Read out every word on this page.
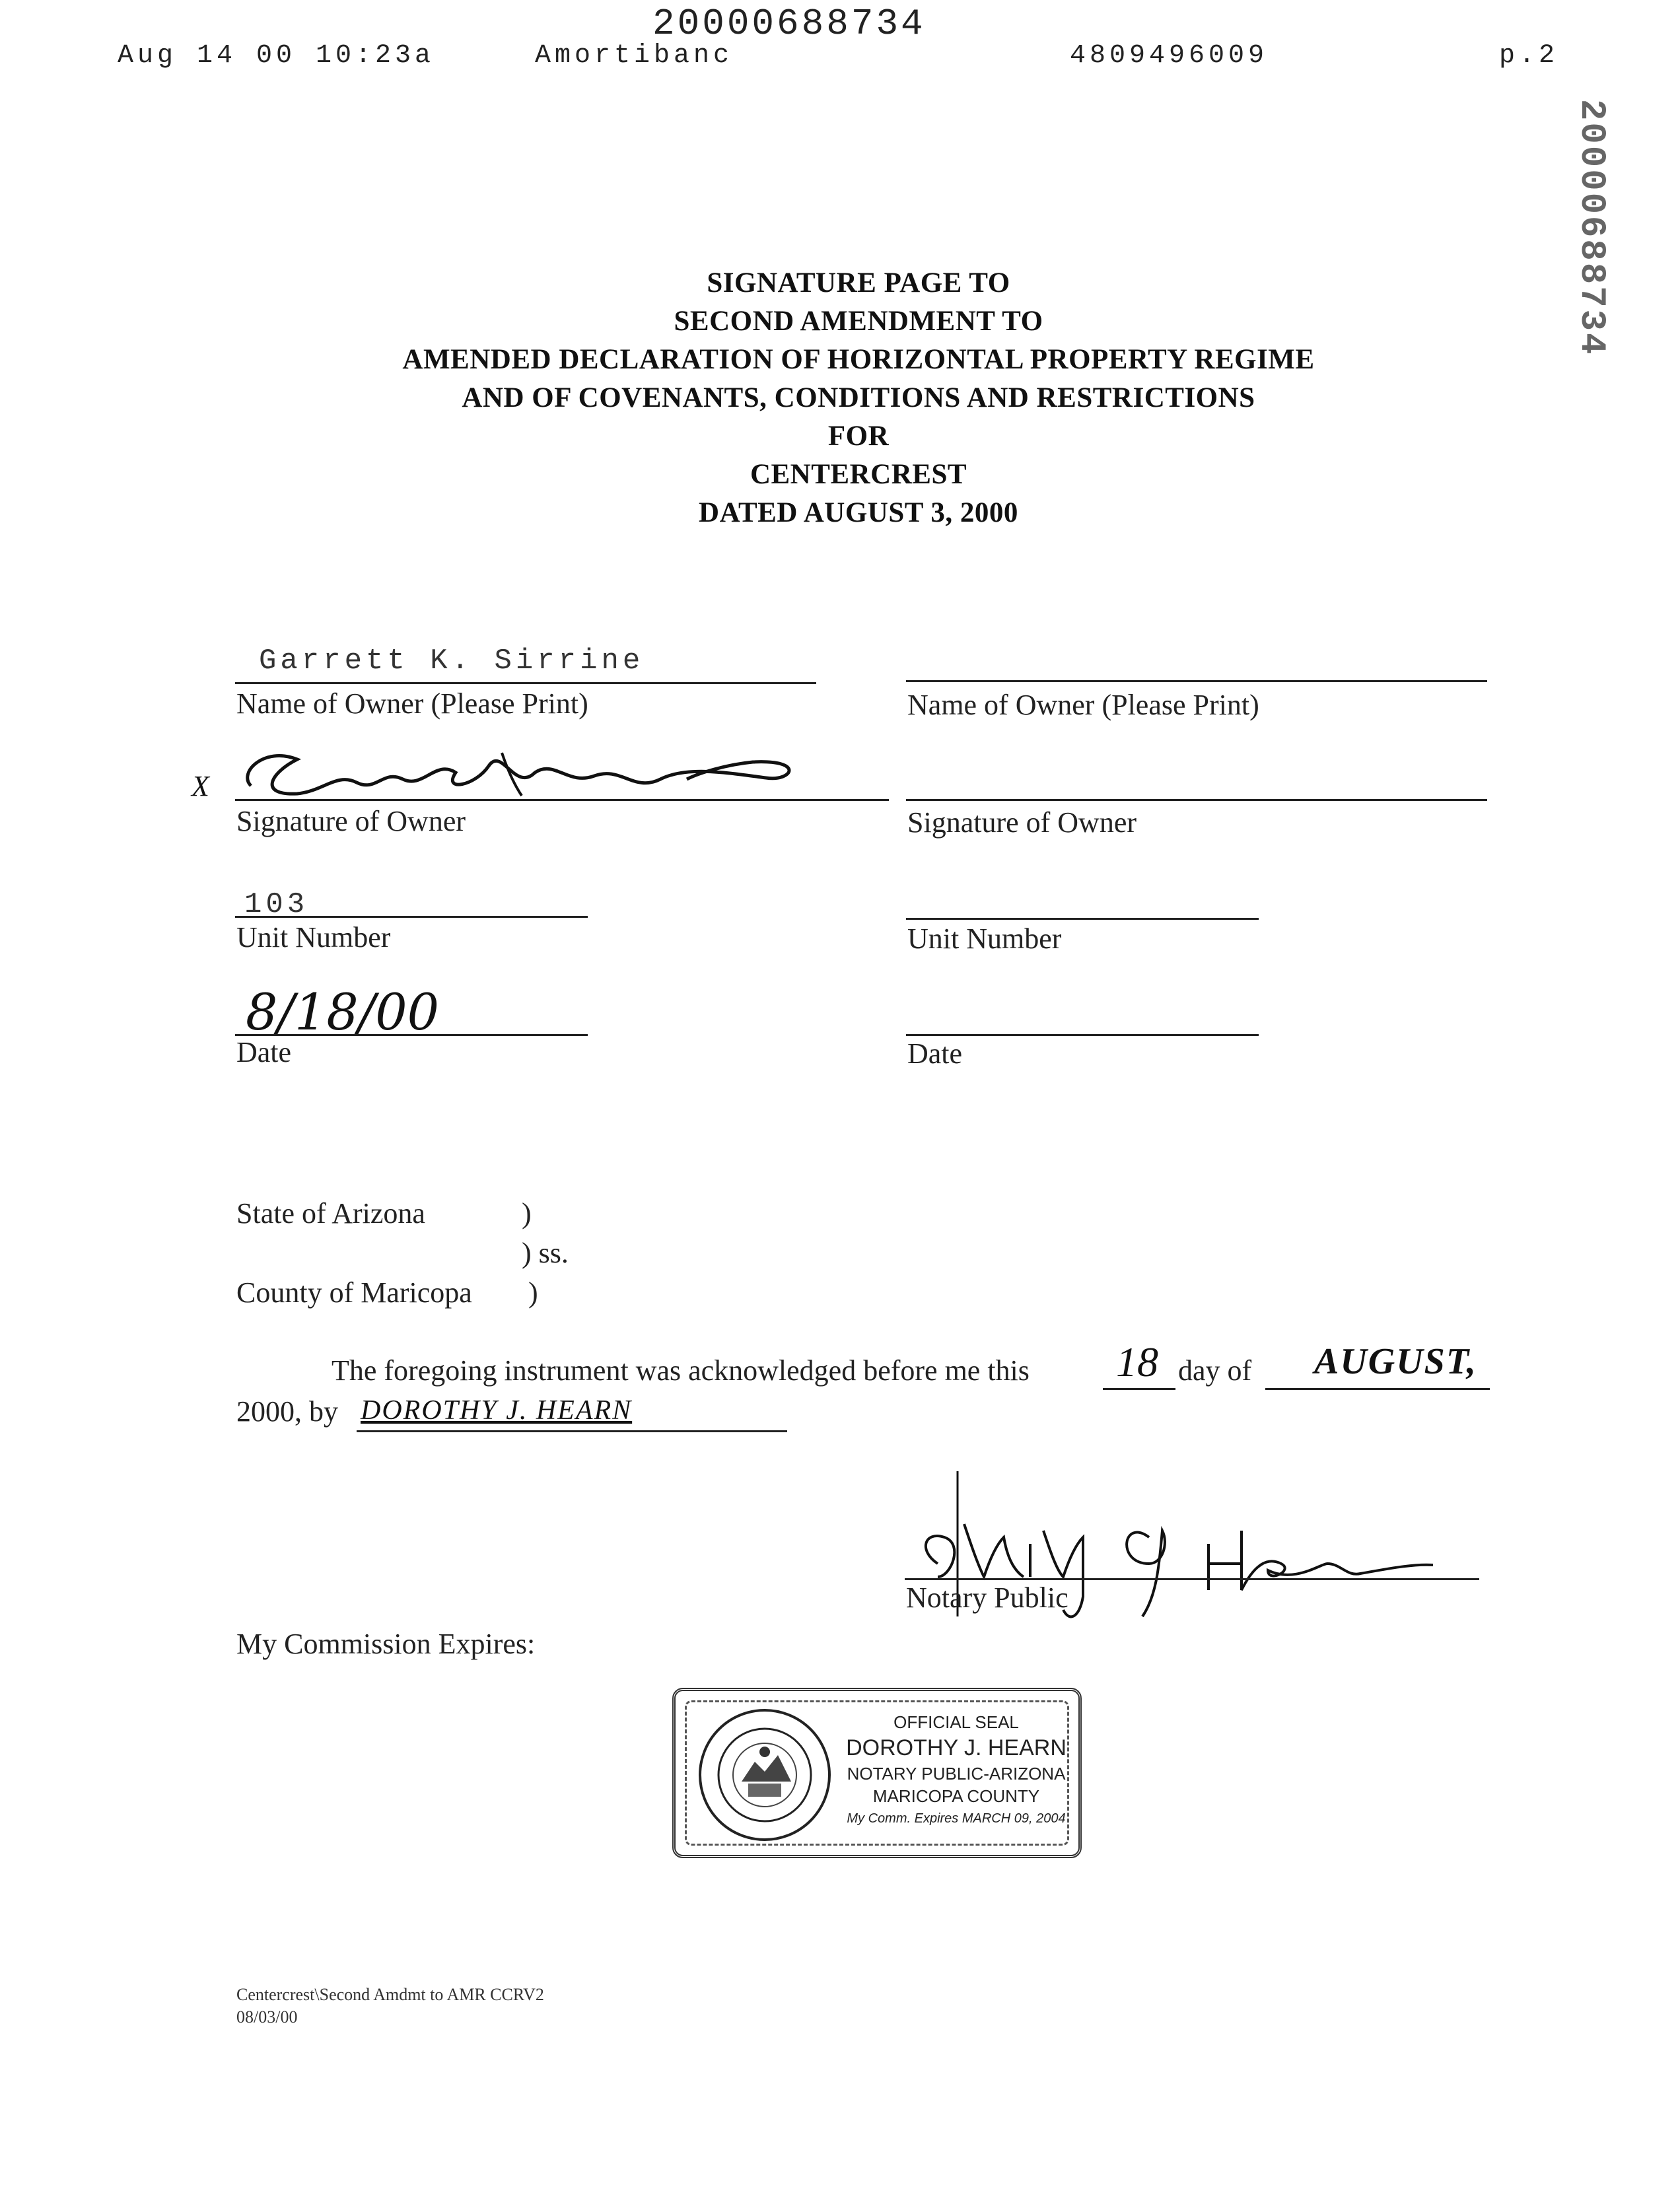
20000688734
Aug 14 00 10:23a	Amortibanc	4809496009	p.2
20000688734
SIGNATURE PAGE TO
SECOND AMENDMENT TO
AMENDED DECLARATION OF HORIZONTAL PROPERTY REGIME
AND OF COVENANTS, CONDITIONS AND RESTRICTIONS
FOR
CENTERCREST
DATED AUGUST 3, 2000
Garrett K. Sirrine
Name of Owner (Please Print)
X
Signature of Owner
103
Unit Number
8/18/00
Date
Name of Owner (Please Print)
Signature of Owner
Unit Number
Date
State of Arizona	)
) ss.
County of Maricopa )
The foregoing instrument was acknowledged before me this 18 day of AUGUST,
2000, by DOROTHY J. HEARN
Notary Public
My Commission Expires:
OFFICIAL SEAL
DOROTHY J. HEARN
NOTARY PUBLIC-ARIZONA
MARICOPA COUNTY
My Comm. Expires MARCH 09, 2004
Centercrest\Second Amdmt to AMR CCRV2
08/03/00
